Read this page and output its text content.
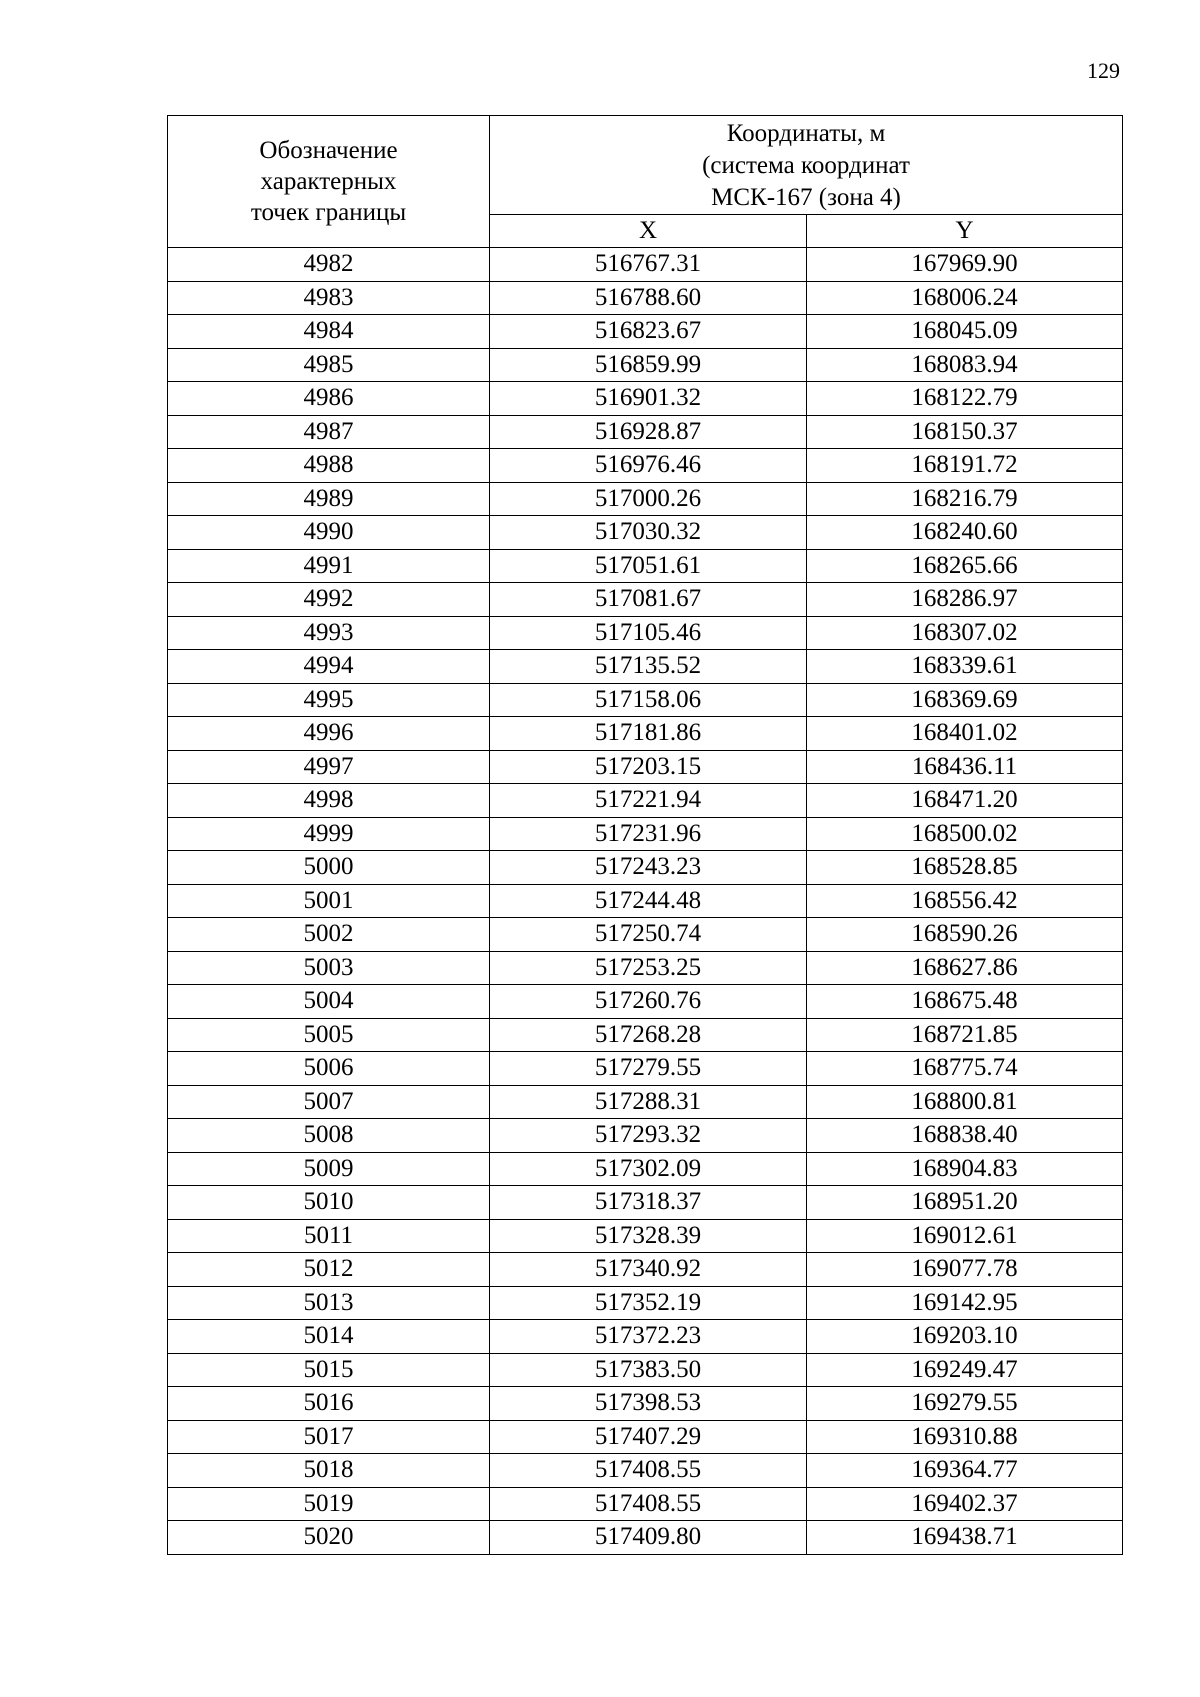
129
Обозначение
характерных
точек границы	Координаты, м
(система координат
МСК-167 (зона 4)	

	X	Y
4982	516767.31	167969.90
4983	516788.60	168006.24
4984	516823.67	168045.09
4985	516859.99	168083.94
4986	516901.32	168122.79
4987	516928.87	168150.37
4988	516976.46	168191.72
4989	517000.26	168216.79
4990	517030.32	168240.60
4991	517051.61	168265.66
4992	517081.67	168286.97
4993	517105.46	168307.02
4994	517135.52	168339.61
4995	517158.06	168369.69
4996	517181.86	168401.02
4997	517203.15	168436.11
4998	517221.94	168471.20
4999	517231.96	168500.02
5000	517243.23	168528.85
5001	517244.48	168556.42
5002	517250.74	168590.26
5003	517253.25	168627.86
5004	517260.76	168675.48
5005	517268.28	168721.85
5006	517279.55	168775.74
5007	517288.31	168800.81
5008	517293.32	168838.40
5009	517302.09	168904.83
5010	517318.37	168951.20
5011	517328.39	169012.61
5012	517340.92	169077.78
5013	517352.19	169142.95
5014	517372.23	169203.10
5015	517383.50	169249.47
5016	517398.53	169279.55
5017	517407.29	169310.88
5018	517408.55	169364.77
5019	517408.55	169402.37
5020	517409.80	169438.71
